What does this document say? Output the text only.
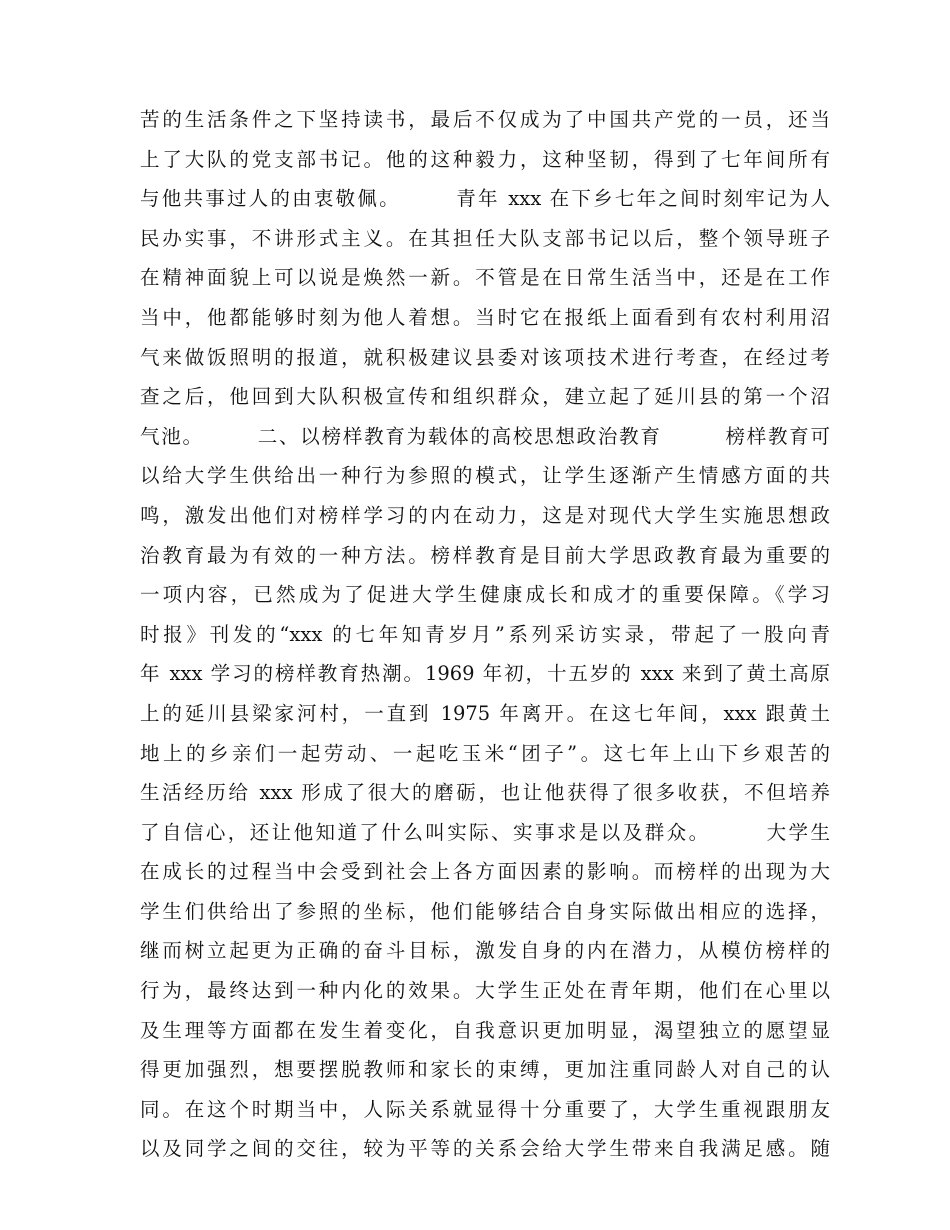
苦的生活条件之下坚持读书，最后不仅成为了中国共产党的一员，还当
上了大队的党支部书记。他的这种毅力，这种坚韧，得到了七年间所有
与他共事过人的由衷敬佩。　　　青年 xxx 在下乡七年之间时刻牢记为人
民办实事，不讲形式主义。在其担任大队支部书记以后，整个领导班子
在精神面貌上可以说是焕然一新。不管是在日常生活当中，还是在工作
当中，他都能够时刻为他人着想。当时它在报纸上面看到有农村利用沼
气来做饭照明的报道，就积极建议县委对该项技术进行考查，在经过考
查之后，他回到大队积极宣传和组织群众，建立起了延川县的第一个沼
气池。　　　二、以榜样教育为载体的高校思想政治教育　　　榜样教育可
以给大学生供给出一种行为参照的模式，让学生逐渐产生情感方面的共
鸣，激发出他们对榜样学习的内在动力，这是对现代大学生实施思想政
治教育最为有效的一种方法。榜样教育是目前大学思政教育最为重要的
一项内容，已然成为了促进大学生健康成长和成才的重要保障。《学习
时报》刊发的“xxx 的七年知青岁月”系列采访实录，带起了一股向青
年 xxx 学习的榜样教育热潮。1969 年初，十五岁的 xxx 来到了黄土高原
上的延川县梁家河村，一直到 1975 年离开。在这七年间，xxx 跟黄土
地上的乡亲们一起劳动、一起吃玉米“团子”。这七年上山下乡艰苦的
生活经历给 xxx 形成了很大的磨砺，也让他获得了很多收获，不但培养
了自信心，还让他知道了什么叫实际、实事求是以及群众。　　　大学生
在成长的过程当中会受到社会上各方面因素的影响。而榜样的出现为大
学生们供给出了参照的坐标，他们能够结合自身实际做出相应的选择，
继而树立起更为正确的奋斗目标，激发自身的内在潜力，从模仿榜样的
行为，最终达到一种内化的效果。大学生正处在青年期，他们在心里以
及生理等方面都在发生着变化，自我意识更加明显，渴望独立的愿望显
得更加强烈，想要摆脱教师和家长的束缚，更加注重同龄人对自己的认
同。在这个时期当中，人际关系就显得十分重要了，大学生重视跟朋友
以及同学之间的交往，较为平等的关系会给大学生带来自我满足感。随
